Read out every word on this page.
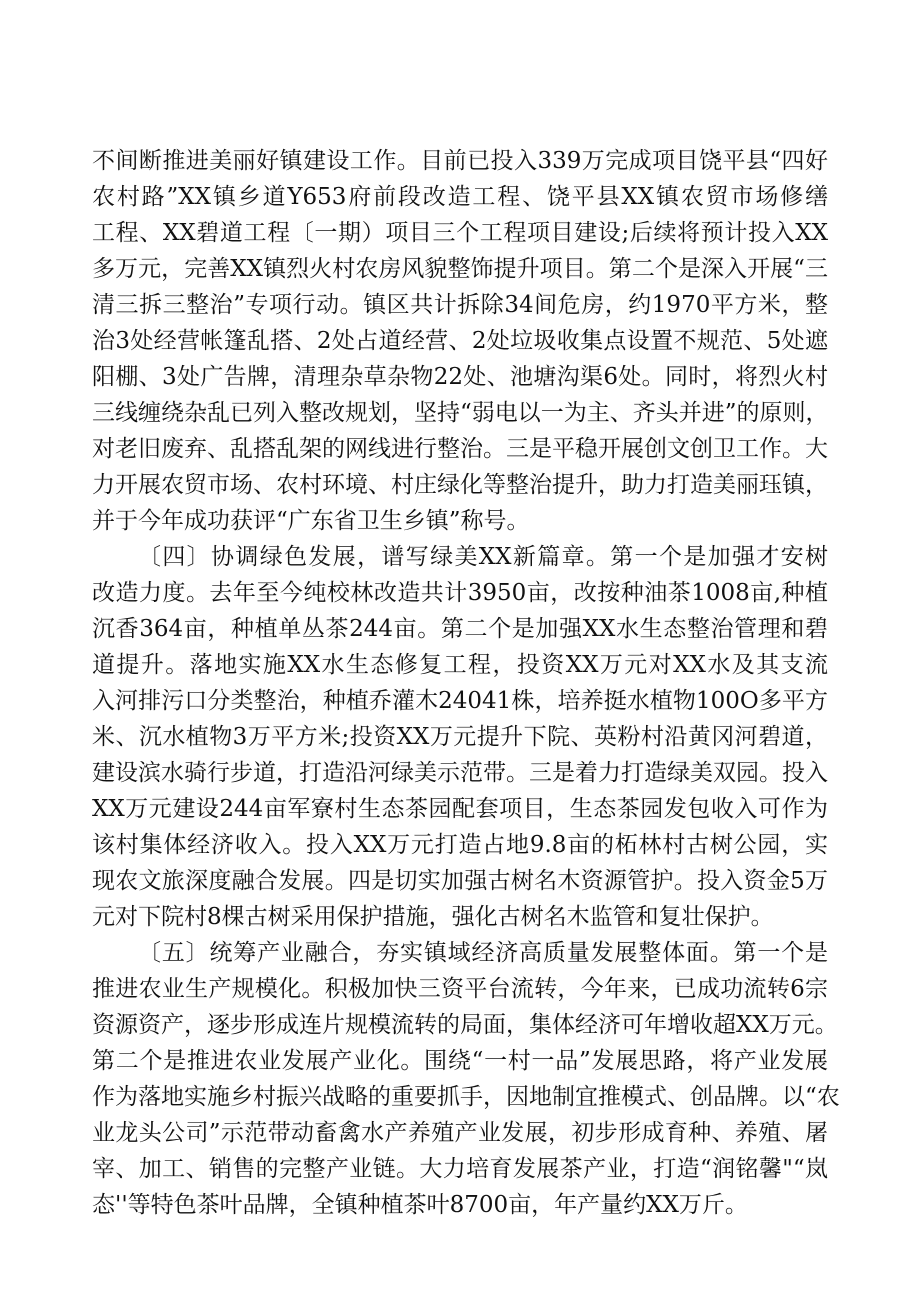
不间断推进美丽好镇建设工作。目前已投入339万完成项目饶平县“四好
农村路”XX镇乡道Y653府前段改造工程、饶平县XX镇农贸市场修缮
工程、XX碧道工程〔一期）项目三个工程项目建设;后续将预计投入XX
多万元，完善XX镇烈火村农房风貌整饰提升项目。第二个是深入开展“三
清三拆三整治”专项行动。镇区共计拆除34间危房，约1970平方米，整
治3处经营帐篷乱搭、2处占道经营、2处垃圾收集点设置不规范、5处遮
阳棚、3处广告牌，清理杂草杂物22处、池塘沟渠6处。同时，将烈火村
三线缠绕杂乱已列入整改规划，坚持“弱电以一为主、齐头并进”的原则，
对老旧废弃、乱搭乱架的网线进行整治。三是平稳开展创文创卫工作。大
力开展农贸市场、农村环境、村庄绿化等整治提升，助力打造美丽珏镇，
并于今年成功获评“广东省卫生乡镇”称号。
〔四〕协调绿色发展，谱写绿美XX新篇章。第一个是加强才安树
改造力度。去年至今纯校林改造共计3950亩，改按种油茶1008亩,种植
沉香364亩，种植单丛茶244亩。第二个是加强XX水生态整治管理和碧
道提升。落地实施XX水生态修复工程，投资XX万元对XX水及其支流
入河排污口分类整治，种植乔灌木24041株，培养挺水植物100O多平方
米、沉水植物3万平方米;投资XX万元提升下院、英粉村沿黄冈河碧道，
建设滨水骑行步道，打造沿河绿美示范带。三是着力打造绿美双园。投入
XX万元建设244亩军寮村生态茶园配套项目，生态茶园发包收入可作为
该村集体经济收入。投入XX万元打造占地9.8亩的柘林村古树公园，实
现农文旅深度融合发展。四是切实加强古树名木资源管护。投入资金5万
元对下院村8棵古树采用保护措施，强化古树名木监管和复壮保护。
〔五〕统筹产业融合，夯实镇域经济高质量发展整体面。第一个是
推进农业生产规模化。积极加快三资平台流转，今年来，已成功流转6宗
资源资产，逐步形成连片规模流转的局面，集体经济可年增收超XX万元。
第二个是推进农业发展产业化。围绕“一村一品”发展思路，将产业发展
作为落地实施乡村振兴战略的重要抓手，因地制宜推模式、创品牌。以“农
业龙头公司”示范带动畜禽水产养殖产业发展，初步形成育种、养殖、屠
宰、加工、销售的完整产业链。大力培育发展茶产业，打造“润铭馨"“岚
态''等特色茶叶品牌，全镇种植茶叶8700亩，年产量约XX万斤。
